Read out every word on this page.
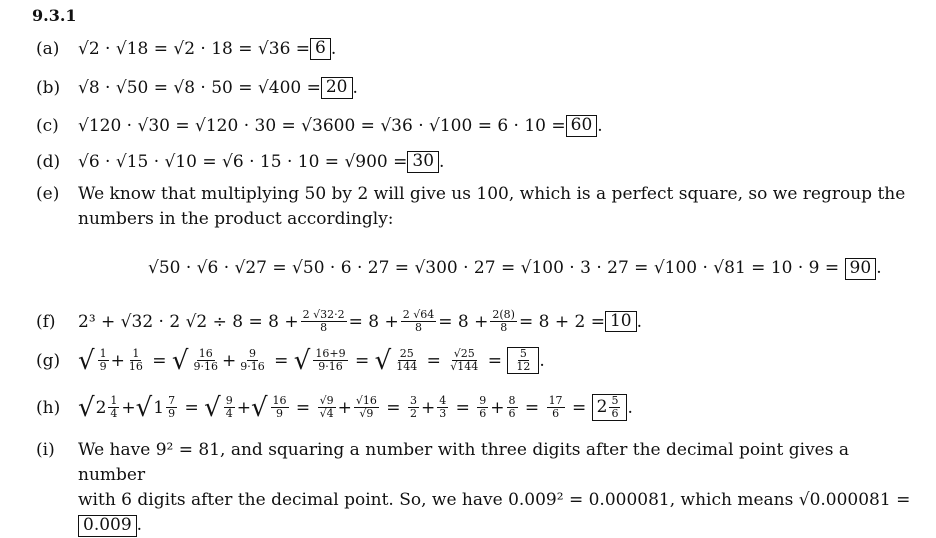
9.3.1
(a)	√2 · √18 = √2 · 18 = √36 = 6 .
(b)	√8 · √50 = √8 · 50 = √400 = 20 .
(c)	√120 · √30 = √120 · 30 = √3600 = √36 · √100 = 6 · 10 = 60 .
(d)	√6 · √15 · √10 = √6 · 15 · 10 = √900 = 30 .
(e)	We know that multiplying 50 by 2 will give us 100, which is a perfect square, so we regroup the numbers in the product accordingly:
√50 · √6 · √27 = √50 · 6 · 27 = √300 · 27 = √100 · 3 · 27 = √100 · √81 = 10 · 9 = 90 .
(f)	2³ + √32 · 2 $√2 \div 8 = 8 + \frac{2 √32\cdot 2}{8} = 8 + \frac{2 √64}{8} = 8 + \frac{2(8)}{8} = 8 + 2 = 10$ .
(g) √ $\frac{1}{9} + \frac{1}{16}$ = √ $\frac{16}{9\cdot 16} + \frac{9}{9\cdot 16}$ = √ $\frac{16+9}{9\cdot 16}$ = √ $\frac{25}{144} = \frac{√25}{√144} = \frac{5}{12}$ .
(h) √ $2 \frac{1}{4}$ + √ $1 \frac{7}{9}$ = √ $\frac{9}{4}$ + √ $\frac{16}{9} = \frac{√9}{√4} + \frac{√16}{√9} = \frac{3}{2} + \frac{4}{3} = \frac{9}{6} + \frac{8}{6} = \frac{17}{6} = 2 \frac{5}{6}$ .
(i)	We have 9² = 81, and squaring a number with three digits after the decimal point gives a number
with 6 digits after the decimal point. So, we have 0.009² = 0.000081, which means √0.000081 =
0.009 .
